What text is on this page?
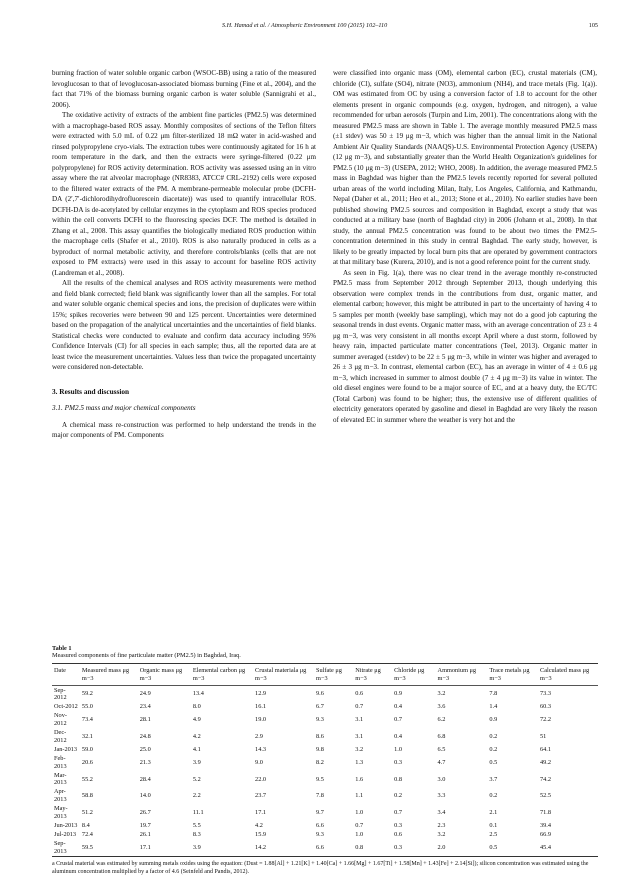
S.H. Hamad et al. / Atmospheric Environment 100 (2015) 102–110	105

burning fraction of water soluble organic carbon (WSOC-BB) using a ratio of the measured levoglucosan to that of levoglucosan-associated biomass burning (Fine et al., 2004), and the fact that 71% of the biomass burning organic carbon is water soluble (Sannigrahi et al., 2006).

The oxidative activity of extracts of the ambient fine particles (PM2.5) was determined with a macrophage-based ROS assay. Monthly composites of sections of the Teflon filters were extracted with 5.0 mL of 0.22 μm filter-sterilized 18 mΩ water in acid-washed and rinsed polypropylene cryo-vials. The extraction tubes were continuously agitated for 16 h at room temperature in the dark, and then the extracts were syringe-filtered (0.22 μm polypropylene) for ROS activity determination. ROS activity was assessed using an in vitro assay where the rat alveolar macrophage (NR8383, ATCC# CRL-2192) cells were exposed to the filtered water extracts of the PM. A membrane-permeable molecular probe (DCFH-DA (2′,7′-dichlorodihydrofluorescein diacetate)) was used to quantify intracellular ROS. DCFH-DA is de-acetylated by cellular enzymes in the cytoplasm and ROS species produced within the cell converts DCFH to the fluorescing species DCF. The method is detailed in Zhang et al., 2008. This assay quantifies the biologically mediated ROS production within the macrophage cells (Shafer et al., 2010). ROS is also naturally produced in cells as a byproduct of normal metabolic activity, and therefore controls/blanks (cells that are not exposed to PM extracts) were used in this assay to account for baseline ROS activity (Landreman et al., 2008).

All the results of the chemical analyses and ROS activity measurements were method and field blank corrected; field blank was significantly lower than all the samples. For total and water soluble organic chemical species and ions, the precision of duplicates were within 15%; spikes recoveries were between 90 and 125 percent. Uncertainties were determined based on the propagation of the analytical uncertainties and the uncertainties of field blanks. Statistical checks were conducted to evaluate and confirm data accuracy including 95% Confidence Intervals (CI) for all species in each sample; thus, all the reported data are at least twice the measurement uncertainties. Values less than twice the propagated uncertainty were considered non-detectable.

3. Results and discussion
3.1. PM2.5 mass and major chemical components

A chemical mass re-construction was performed to help understand the trends in the major components of PM. Components

were classified into organic mass (OM), elemental carbon (EC), crustal materials (CM), chloride (Cl), sulfate (SO4), nitrate (NO3), ammonium (NH4), and trace metals (Fig. 1(a)). OM was estimated from OC by using a conversion factor of 1.8 to account for the other elements present in organic compounds (e.g. oxygen, hydrogen, and nitrogen), a value recommended for urban aerosols (Turpin and Lim, 2001). The concentrations along with the measured PM2.5 mass are shown in Table 1. The average monthly measured PM2.5 mass (±1 stdev) was 50 ± 19 μg m−3, which was higher than the annual limit in the National Ambient Air Quality Standards (NAAQS)-U.S. Environmental Protection Agency (USEPA) (12 μg m−3), and substantially greater than the World Health Organization's guidelines for PM2.5 (10 μg m−3) (USEPA, 2012; WHO, 2008). In addition, the average measured PM2.5 mass in Baghdad was higher than the PM2.5 levels recently reported for several polluted urban areas of the world including Milan, Italy, Los Angeles, California, and Kathmandu, Nepal (Daher et al., 2011; Heo et al., 2013; Stone et al., 2010). No earlier studies have been published showing PM2.5 sources and composition in Baghdad, except a study that was conducted at a military base (north of Baghdad city) in 2006 (Johann et al., 2008). In that study, the annual PM2.5 concentration was found to be about two times the PM2.5-concentration determined in this study in central Baghdad. The early study, however, is likely to be greatly impacted by local burn pits that are operated by government contractors at that military base (Kurera, 2010), and is not a good reference point for the current study.

As seen in Fig. 1(a), there was no clear trend in the average monthly re-constructed PM2.5 mass from September 2012 through September 2013, though underlying this observation were complex trends in the contributions from dust, organic matter, and elemental carbon; however, this might be attributed in part to the uncertainty of having 4 to 5 samples per month (weekly base sampling), which may not do a good job capturing the seasonal trends in dust events. Organic matter mass, with an average concentration of 23 ± 4 μg m−3, was very consistent in all months except April where a dust storm, followed by heavy rain, impacted particulate matter concentrations (Teel, 2013). Organic matter in summer averaged (±stdev) to be 22 ± 5 μg m−3, while in winter was higher and averaged to 26 ± 3 μg m−3. In contrast, elemental carbon (EC), has an average in winter of 4 ± 0.6 μg m−3, which increased in summer to almost double (7 ± 4 μg m−3) its value in winter. The old diesel engines were found to be a major source of EC, and at a heavy duty, the EC/TC (Total Carbon) was found to be higher; thus, the extensive use of different qualities of electricity generators operated by gasoline and diesel in Baghdad are very likely the reason of elevated EC in summer where the weather is very hot and the

Table 1
Measured components of fine particulate matter (PM2.5) in Baghdad, Iraq.
Date	Measured mass μg m−3	Organic mass μg m−3	Elemental carbon μg m−3	Crustal materiala μg m−3	Sulfate μg m−3	Nitrate μg m−3	Chloride μg m−3	Ammonium μg m−3	Trace metals μg m−3	Calculated mass μg m−3
Sep-2012	59.2	24.9	13.4	12.9	9.6	0.6	0.9	3.2	7.8	73.3
Oct-2012	55.0	23.4	8.0	16.1	6.7	0.7	0.4	3.6	1.4	60.3
Nov-2012	73.4	28.1	4.9	19.0	9.3	3.1	0.7	6.2	0.9	72.2
Dec-2012	32.1	24.8	4.2	2.9	8.6	3.1	0.4	6.8	0.2	51
Jan-2013	59.0	25.0	4.1	14.3	9.8	3.2	1.0	6.5	0.2	64.1
Feb-2013	20.6	21.3	3.9	9.0	8.2	1.3	0.3	4.7	0.5	49.2
Mar-2013	55.2	28.4	5.2	22.0	9.5	1.6	0.8	3.0	3.7	74.2
Apr-2013	58.8	14.0	2.2	23.7	7.8	1.1	0.2	3.3	0.2	52.5
May-2013	51.2	26.7	11.1	17.1	9.7	1.0	0.7	3.4	2.1	71.8
Jun-2013	8.4	19.7	5.5	4.2	6.6	0.7	0.3	2.3	0.1	39.4
Jul-2013	72.4	26.1	8.3	15.9	9.3	1.0	0.6	3.2	2.5	66.9
Sep-2013	59.5	17.1	3.9	14.2	6.6	0.8	0.3	2.0	0.5	45.4
a Crustal material was estimated by summing metals oxides using the equation: (Dust = 1.88[Al] + 1.21[K] + 1.40[Ca] + 1.66[Mg] + 1.67[Ti] + 1.58[Mn] + 1.43[Fe] + 2.14[Si]); silicon concentration was estimated using the aluminum concentration multiplied by a factor of 4.6 (Seinfeld and Pandis, 2012).
